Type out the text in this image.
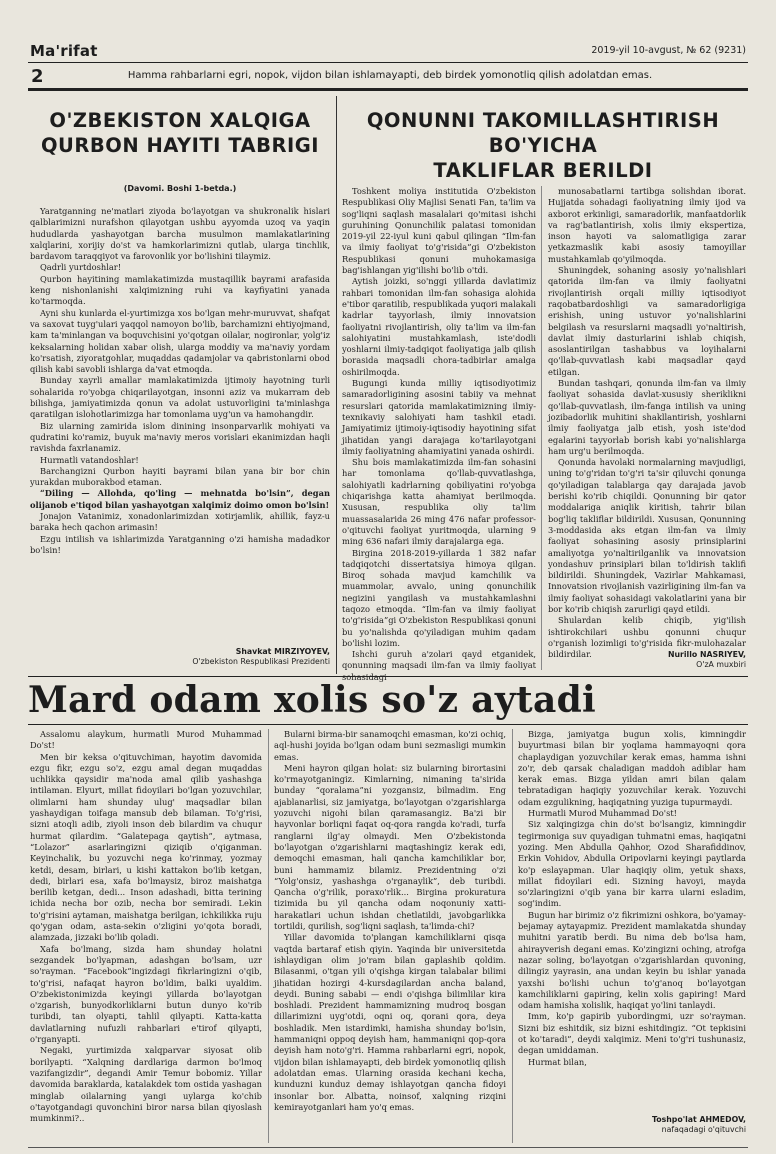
Ma'rifat	2019-yil 10-avgust, № 62 (9231)
2	Hamma rahbarlarni egri, nopok, vijdon bilan ishlamayapti, deb birdek yomonotliq qilish adolatdan emas.
O'ZBEKISTON XALQIGA
QURBON HAYITI TABRIGI
(Davomi. Boshi 1-betda.)

Yaratganning ne'matlari ziyoda bo'layotgan va shukronalik hislari qalblarimizni nurafshon qilayotgan ushbu ayyomda uzoq va yaqin hududlarda yashayotgan barcha musulmon mamlakatlarining xalqlarini, xorijiy do'st va hamkorlarimizni qutlab, ularga tinchlik, bardavom taraqqiyot va farovonlik yor bo'lishini tilaymiz.

Qadrli yurtdoshlar!

Qurbon hayitining mamlakatimizda mustaqillik bayrami arafasida keng nishonlanishi xalqimizning ruhi va kayfiyatini yanada ko'tarmoqda.

Ayni shu kunlarda el-yurtimizga xos bo'lgan mehr-muruvvat, shafqat va saxovat tuyg'ulari yaqqol namoyon bo'lib, barchamizni ehtiyojmand, kam ta'minlangan va boquvchisini yo'qotgan oilalar, nogironlar, yolg'iz keksalarning holidan xabar olish, ularga moddiy va ma'naviy yordam ko'rsatish, ziyoratgohlar, muqaddas qadamjolar va qabristonlarni obod qilish kabi savobli ishlarga da'vat etmoqda.

Bunday xayrli amallar mamlakatimizda ijtimoiy hayotning turli sohalarida ro'yobga chiqarilayotgan, insonni aziz va mukarram deb bilishga, jamiyatimizda qonun va adolat ustuvorligini ta'minlashga qaratilgan islohotlarimizga har tomonlama uyg'un va hamohangdir.

Biz ularning zamirida islom dinining insonparvarlik mohiyati va qudratini ko'ramiz, buyuk ma'naviy meros vorislari ekanimizdan haqli ravishda faxrlanamiz.

Hurmatli vatandoshlar!

Barchangizni Qurbon hayiti bayrami bilan yana bir bor chin yurakdan muborakbod etaman.

“Diling — Allohda, qo'ling — mehnatda bo'lsin”, degan olijanob e'tiqod bilan yashayotgan xalqimiz doimo omon bo'lsin!

Jonajon Vatanimiz, xonadonlarimizdan xotirjamlik, ahillik, fayz-u baraka hech qachon arimasin!

Ezgu intilish va ishlarimizda Yaratganning o'zi hamisha madadkor bo'lsin!

Shavkat MIRZIYOYEV,
O'zbekiston Respublikasi Prezidenti
QONUNNI TAKOMILLASHTIRISH BO'YICHA
TAKLIFLAR BERILDI

Toshkent moliya institutida O'zbekiston Respublikasi Oliy Majlisi Senati Fan, ta'lim va sog'liqni saqlash masalalari qo'mitasi ishchi guruhining Qonunchilik palatasi tomonidan 2019-yil 22-iyul kuni qabul qilingan “Ilm-fan va ilmiy faoliyat to'g'risida”gi O'zbekiston Respublikasi qonuni muhokamasiga bag'ishlangan yig'ilishi bo'lib o'tdi.

Aytish joizki, so'nggi yillarda davlatimiz rahbari tomonidan ilm-fan sohasiga alohida e'tibor qaratilib, respublikada yuqori malakali kadrlar tayyorlash, ilmiy innovatsion faoliyatni rivojlantirish, oliy ta'lim va ilm-fan salohiyatini mustahkamlash, iste'dodli yoshlarni ilmiy-tadqiqot faoliyatiga jalb qilish borasida maqsadli chora-tadbirlar amalga oshirilmoqda.

Bugungi kunda milliy iqtisodiyotimiz samaradorligining asosini tabiiy va mehnat resurslari qatorida mamlakatimizning ilmiy-texnikaviy salohiyati ham tashkil etadi. Jamiyatimiz ijtimoiy-iqtisodiy hayotining sifat jihatidan yangi darajaga ko'tarilayotgani ilmiy faoliyatning ahamiyatini yanada oshirdi.

Shu bois mamlakatimizda ilm-fan sohasini har tomonlama qo'llab-quvvatlashga, salohiyatli kadrlarning qobiliyatini ro'yobga chiqarishga katta ahamiyat berilmoqda. Xususan, respublika oliy ta'lim muassasalarida 26 ming 476 nafar professor-o'qituvchi faoliyat yuritmoqda, ularning 9 ming 636 nafari ilmiy darajalarga ega.

Birgina 2018-2019-yillarda 1 382 nafar tadqiqotchi dissertatsiya himoya qilgan. Biroq sohada mavjud kamchilik va muammolar, avvalo, uning qonunchilik negizini yangilash va mustahkamlashni taqozo etmoqda. “Ilm-fan va ilmiy faoliyat to'g'risida”gi O'zbekiston Respublikasi qonuni bu yo'nalishda qo'yiladigan muhim qadam bo'lishi lozim.

Ishchi guruh a'zolari qayd etganidek, qonunning maqsadi ilm-fan va ilmiy faoliyat

munosabatlarni tartibga solishdan iborat. Hujjatda sohadagi faoliyatning ilmiy ijod va axborot erkinligi, samaradorlik, manfaatdorlik va rag'batlantirish, xolis ilmiy ekspertiza, inson hayoti va salomatligiga zarar yetkazmaslik kabi asosiy tamoyillar mustahkamlab qo'yilmoqda.

Shuningdek, sohaning asosiy yo'nalishlari qatorida ilm-fan va ilmiy faoliyatni rivojlantirish orqali milliy iqtisodiyot raqobatbardoshligi va samaradorligiga erishish, uning ustuvor yo'nalishlarini belgilash va resurslarni maqsadli yo'naltirish, davlat ilmiy dasturlarini ishlab chiqish, asoslantirilgan tashabbus va loyihalarni qo'llab-quvvatlash kabi maqsadlar qayd etilgan.

Bundan tashqari, qonunda ilm-fan va ilmiy faoliyat sohasida davlat-xususiy sheriklikni qo'llab-quvvatlash, ilm-fanga intilish va uning jozibadorlik muhitini shakllantirish, yoshlarni ilmiy faoliyatga jalb etish, yosh iste'dod egalarini tayyorlab borish kabi yo'nalishlarga ham urg'u berilmoqda.

Qonunda havolaki normalarning mavjudligi, uning to'g'ridan to'g'ri ta'sir qiluvchi qonunga qo'yiladigan talablarga qay darajada javob berishi ko'rib chiqildi. Qonunning bir qator moddalariga aniqlik kiritish, tahrir bilan bog'liq takliflar bildirildi. Xususan, Qonunning 3-moddasida aks etgan ilm-fan va ilmiy faoliyat sohasining asosiy prinsiplarini amaliyotga yo'naltirilganlik va innovatsion yondashuv prinsiplari bilan to'ldirish taklifi bildirildi. Shuningdek, Vazirlar Mahkamasi, Innovatsion rivojlanish vazirligining ilm-fan va ilmiy faoliyat sohasidagi vakolatlarini yana bir bor ko'rib chiqish zarurligi qayd etildi.

Shulardan kelib chiqib, yig'ilish ishtirokchilari ushbu qonunni chuqur o'rganish lozimligi to'g'risida fikr-mulohazalar bildirdilar.	Nurillo NASRIYEV,
O'zA muxbiri
Mard odam xolis so'z aytadi

Assalomu alaykum, hurmatli Murod Muhammad Do'st!

Men bir keksa o'qituvchiman, hayotim davomida ezgu fikr, ezgu so'z, ezgu amal degan muqaddas uchlikka qaysidir ma'noda amal qilib yashashga intilaman. Elyurt, millat fidoyilari bo'lgan yozuvchilar, olimlarni ham shunday ulug' maqsadlar bilan yashaydigan toifaga mansub deb bilaman. To'g'risi, sizni atoqli adib, ziyoli inson deb bilardim va chuqur hurmat qilardim. “Galatepaga qaytish”, aytmasa, “Lolazor” asarlaringizni qiziqib o'qiganman. Keyinchalik, bu yozuvchi nega ko'rinmay, yozmay ketdi, desam, birlari, u kishi kattakon bo'lib ketgan, dedi, birlari esa, xafa bo'lmaysiz, biroz maishatga berilib ketgan, dedi... Inson adashadi, bitta terining ichida necha bor ozib, necha bor semiradi. Lekin to'g'risini aytaman, maishatga berilgan, ichkilikka ruju qo'ygan odam, asta-sekin o'zligini yo'qota boradi, alamzada, jizzaki bo'lib qoladi.

Xafa bo'lmang, sizda ham shunday holatni sezgandek bo'lyapman, adashgan bo'lsam, uzr so'rayman. “Facebook”ingizdagi fikrlaringizni o'qib, to'g'risi, nafaqat hayron bo'ldim, balki uyaldim. O'zbekistonimizda keyingi yillarda bo'layotgan o'zgarish, bunyodkorliklarni butun dunyo ko'rib turibdi, tan olyapti, tahlil qilyapti. Katta-katta davlatlarning nufuzli rahbarlari e'tirof qilyapti, o'rganyapti.

Negaki, yurtimizda xalqparvar siyosat olib borilyapti. “Xalqning dardlariga darmon bo'lmoq vazifangizdir”, degandi Amir Temur bobomiz. Yillar davomida baraklarda, katalakdek tom ostida yashagan minglab oilalarning yangi uylarga ko'chib o'tayotgandagi quvonchini biror narsa bilan qiyoslash mumkinmi?..

Bularni birma-bir sanamoqchi emasman, ko'zi ochiq, aql-hushi joyida bo'lgan odam buni sezmasligi mumkin emas.

Meni hayron qilgan holat: siz bularning birortasini ko'rmayotganingiz. Kimlarning, nimaning ta'sirida bunday “qoralama”ni yozgansiz, bilmadim. Eng ajablanarlisi, siz jamiyatga, bo'layotgan o'zgarishlarga yozuvchi nigohi bilan qaramasangiz. Ba'zi bir hayvonlar borliqni faqat oq-qora rangda ko'radi, turfa ranglarni ilg'ay olmaydi. Men O'zbekistonda bo'layotgan o'zgarishlarni maqtashingiz kerak edi, demoqchi emasman, hali qancha kamchiliklar bor, buni hammamiz bilamiz. Prezidentning o'zi “Yolg'onsiz, yashashga o'rganaylik”, deb turibdi. Qancha o'g'rilik, poraxo'rlik... Birgina prokuratura tizimida bu yil qancha odam noqonuniy xatti-harakatlari uchun ishdan chetlatildi, javobgarlikka tortildi, qurilish, sog'liqni saqlash, ta'limda-chi?

Yillar davomida to'plangan kamchiliklarni qisqa vaqtda bartaraf etish qiyin. Yaqinda bir universitetda ishlaydigan olim jo'ram bilan gaplashib qoldim. Bilasanmi, o'tgan yili o'qishga kirgan talabalar bilimi jihatidan hozirgi 4-kursdagilardan ancha baland, deydi. Buning sababi — endi o'qishga bilimlilar kira boshladi. Prezident hammamizning mudroq bosgan dillarimizni uyg'otdi, oqni oq, qorani qora, deya boshladik. Men istardimki, hamisha shunday bo'lsin, hammaniqni oppoq deyish ham, hammaniqni qop-qora deyish ham noto'g'ri. Hamma rahbarlarni egri, nopok, vijdon bilan ishlamayapti, deb birdek yomonotliq qilish adolatdan emas. Ularning orasida kechani kecha, kunduzni kunduz demay ishlayotgan qancha fidoyi insonlar bor. Albatta, noinsof, xalqning rizqini kemirayotganlari ham yo'q emas.

Bizga, jamiyatga bugun xolis, kimningdir buyurtmasi bilan bir yoqlama hammayoqni qora chaplaydigan yozuvchilar kerak emas, hamma ishni zo'r, deb qarsak chaladigan maddoh adiblar ham kerak emas. Bizga yildan amri bilan qalam tebratadigan haqiqiy yozuvchilar kerak. Yozuvchi odam ezgulikning, haqiqatning yuziga tupurmaydi.

Hurmatli Murod Muhammad Do'st!

Siz xalqingizga chin do'st bo'lsangiz, kimningdir tegirmoniga suv quyadigan tuhmatni emas, haqiqatni yozing. Men Abdulla Qahhor, Ozod Sharafiddinov, Erkin Vohidov, Abdulla Oripovlarni keyingi paytlarda ko'p eslayapman. Ular haqiqiy olim, yetuk shaxs, millat fidoyilari edi. Sizning havoyi, mayda so'zlaringizni o'qib yana bir karra ularni esladim, sog'indim.

Bugun har birimiz o'z fikrimizni oshkora, bo'yamay-bejamay aytayapmiz. Prezident mamlakatda shunday muhitni yaratib berdi. Bu nima deb bo'lsa ham, ahirayverish degani emas. Ko'zingizni oching, atrofga nazar soling, bo'layotgan o'zgarishlardan quvoning, dilingiz yayrasin, ana undan keyin bu ishlar yanada yaxshi bo'lishi uchun to'g'anoq bo'layotgan kamchiliklarni gapiring, kelin xolis gapiring! Mard odam hamisha xolislik, haqiqat yo'lini tanlaydi.

Imm, ko'p gapirib yubordingmi, uzr so'rayman. Sizni biz eshitdik, siz bizni eshitdingiz. “Ot tepkisini ot ko'taradi”, deydi xalqimiz. Meni to'g'ri tushunasiz, degan umiddaman.

Hurmat bilan,

Toshpo'lat AHMEDOV,
nafaqadagi o'qituvchi
